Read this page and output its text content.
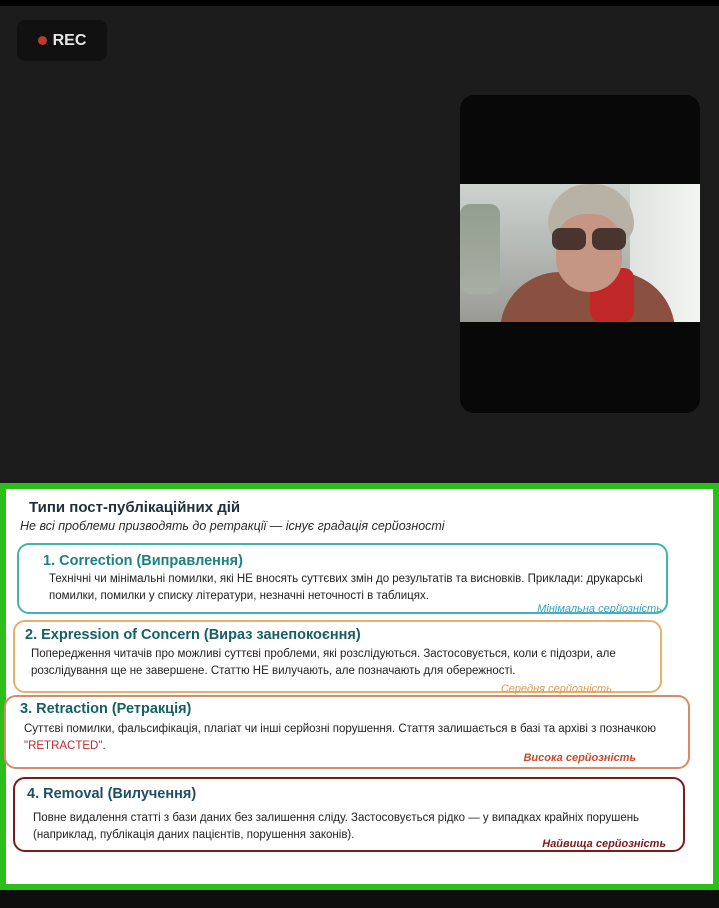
REC
Типи пост-публікаційних дій
Не всі проблеми призводять до ретракції — існує градація серйозності
1. Correction (Виправлення)
Технічні чи мінімальні помилки, які НЕ вносять суттєвих змін до результатів та висновків. Приклади: друкарські помилки, помилки у списку літератури, незначні неточності в таблицях.
Мінімальна серйозність
2. Expression of Concern (Вираз занепокоєння)
Попередження читачів про можливі суттєві проблеми, які розслідуються. Застосовується, коли є підозри, але розслідування ще не завершене. Статтю НЕ вилучають, але позначають для обережності.
Середня серйозність
3. Retraction (Ретракція)
Суттєві помилки, фальсифікація, плагіат чи інші серйозні порушення. Стаття залишається в базі та архіві з позначкою "RETRACTED".
Висока серйозність
4. Removal (Вилучення)
Повне видалення статті з бази даних без залишення сліду. Застосовується рідко — у випадках крайніх порушень (наприклад, публікація даних пацієнтів, порушення законів).
Найвища серйозність
